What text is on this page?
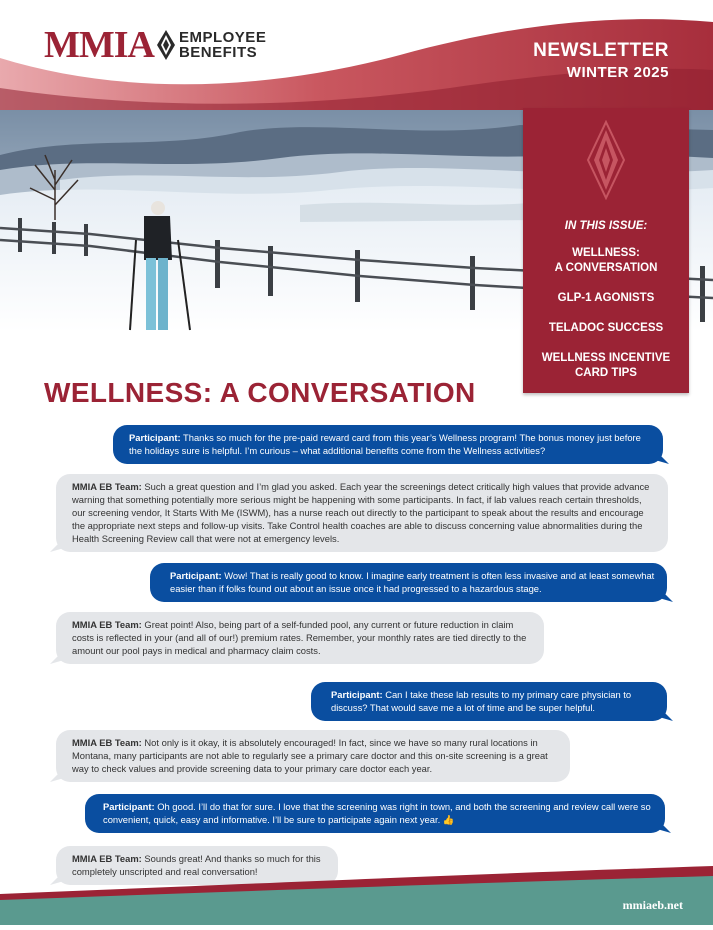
MMIA EMPLOYEE
BENEFITS	NEWSLETTER
WINTER 2025
IN THIS ISSUE:
WELLNESS:
A CONVERSATION
GLP-1 AGONISTS
TELADOC SUCCESS
WELLNESS INCENTIVE
CARD TIPS
WELLNESS: A CONVERSATION
Participant: Thanks so much for the pre-paid reward card from this year’s Wellness program! The bonus money just before the holidays sure is helpful. I’m curious – what additional benefits come from the Wellness activities?
MMIA EB Team: Such a great question and I’m glad you asked. Each year the screenings detect critically high values that provide advance warning that something potentially more serious might be happening with some participants. In fact, if lab values reach certain thresholds, our screening vendor, It Starts With Me (ISWM), has a nurse reach out directly to the participant to speak about the results and encourage the appropriate next steps and follow-up visits. Take Control health coaches are able to discuss concerning value abnormalities during the Health Screening Review call that were not at emergency levels.
Participant: Wow! That is really good to know. I imagine early treatment is often less invasive and at least somewhat easier than if folks found out about an issue once it had progressed to a hazardous stage.
MMIA EB Team: Great point! Also, being part of a self-funded pool, any current or future reduction in claim costs is reflected in your (and all of our!) premium rates. Remember, your monthly rates are tied directly to the amount our pool pays in medical and pharmacy claim costs.
Participant: Can I take these lab results to my primary care physician to discuss? That would save me a lot of time and be super helpful.
MMIA EB Team: Not only is it okay, it is absolutely encouraged! In fact, since we have so many rural locations in Montana, many participants are not able to regularly see a primary care doctor and this on-site screening is a great way to check values and provide screening data to your primary care doctor each year.
Participant: Oh good. I’ll do that for sure. I love that the screening was right in town, and both the screening and review call were so convenient, quick, easy and informative. I’ll be sure to participate again next year. 👍
MMIA EB Team: Sounds great! And thanks so much for this completely unscripted and real conversation!
mmiaeb.net
